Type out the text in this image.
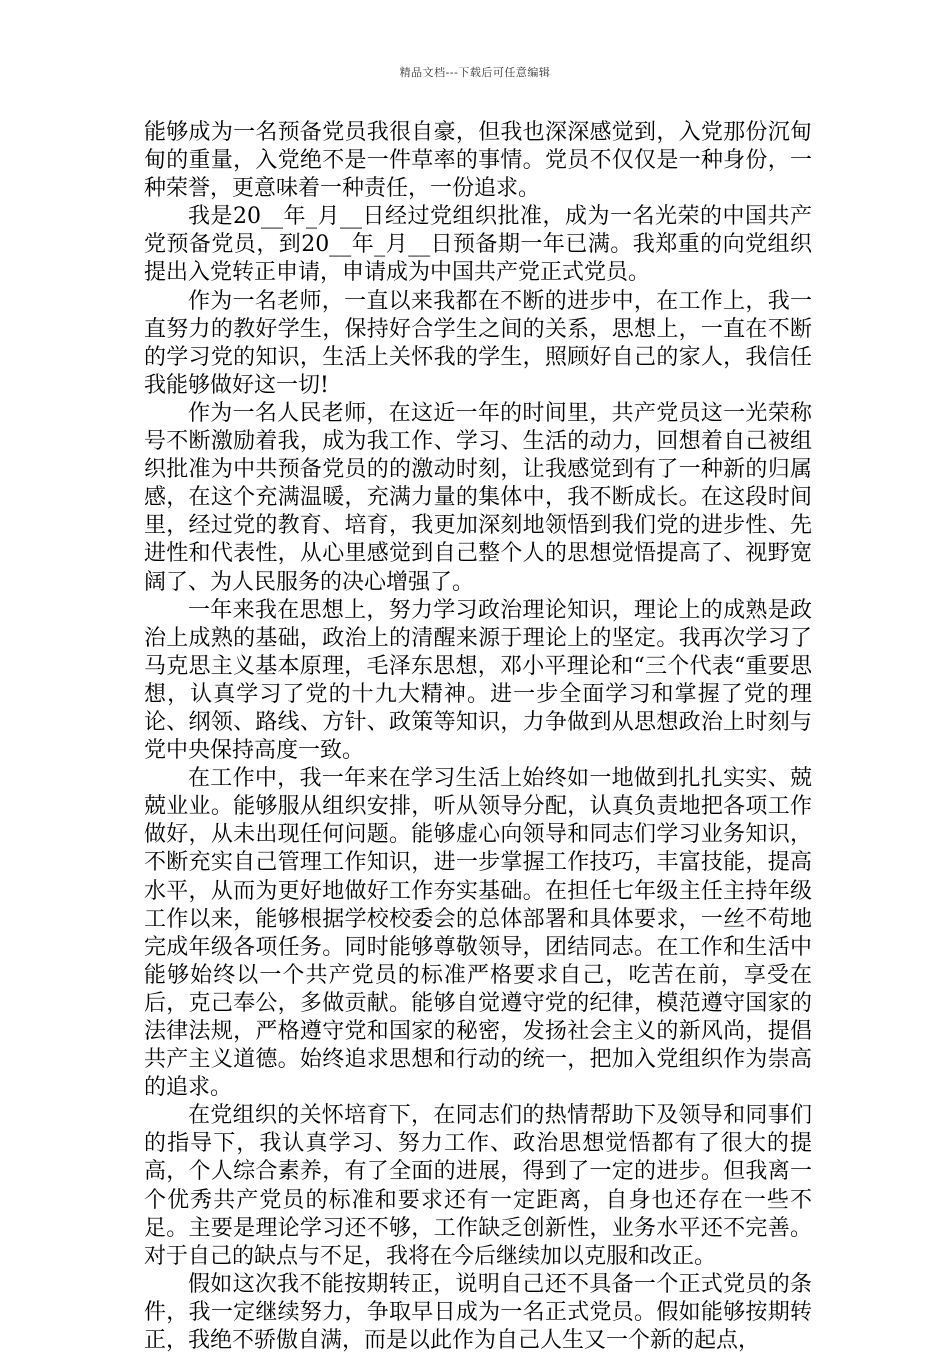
精品文档---下载后可任意编辑

能够成为一名预备党员我很自豪，但我也深深感觉到，入党那份沉甸甸的重量，入党绝不是一件草率的事情。党员不仅仅是一种身份，一种荣誉，更意味着一种责任，一份追求。

我是20__年_月__日经过党组织批准，成为一名光荣的中国共产党预备党员，到20__年_月__日预备期一年已满。我郑重的向党组织提出入党转正申请，申请成为中国共产党正式党员。

作为一名老师，一直以来我都在不断的进步中，在工作上，我一直努力的教好学生，保持好合学生之间的关系，思想上，一直在不断的学习党的知识，生活上关怀我的学生，照顾好自己的家人，我信任我能够做好这一切!

作为一名人民老师，在这近一年的时间里，共产党员这一光荣称号不断激励着我，成为我工作、学习、生活的动力，回想着自己被组织批准为中共预备党员的的激动时刻，让我感觉到有了一种新的归属感，在这个充满温暖，充满力量的集体中，我不断成长。在这段时间里，经过党的教育、培育，我更加深刻地领悟到我们党的进步性、先进性和代表性，从心里感觉到自己整个人的思想觉悟提高了、视野宽阔了、为人民服务的决心增强了。

一年来我在思想上，努力学习政治理论知识，理论上的成熟是政治上成熟的基础，政治上的清醒来源于理论上的坚定。我再次学习了马克思主义基本原理，毛泽东思想，邓小平理论和“三个代表“重要思想，认真学习了党的十九大精神。进一步全面学习和掌握了党的理论、纲领、路线、方针、政策等知识，力争做到从思想政治上时刻与党中央保持高度一致。

在工作中，我一年来在学习生活上始终如一地做到扎扎实实、兢兢业业。能够服从组织安排，听从领导分配，认真负责地把各项工作做好，从未出现任何问题。能够虚心向领导和同志们学习业务知识，不断充实自己管理工作知识，进一步掌握工作技巧，丰富技能，提高水平，从而为更好地做好工作夯实基础。在担任七年级主任主持年级工作以来，能够根据学校校委会的总体部署和具体要求，一丝不苟地完成年级各项任务。同时能够尊敬领导，团结同志。在工作和生活中能够始终以一个共产党员的标准严格要求自己，吃苦在前，享受在后，克己奉公，多做贡献。能够自觉遵守党的纪律，模范遵守国家的法律法规，严格遵守党和国家的秘密，发扬社会主义的新风尚，提倡共产主义道德。始终追求思想和行动的统一，把加入党组织作为崇高的追求。

在党组织的关怀培育下，在同志们的热情帮助下及领导和同事们的指导下，我认真学习、努力工作、政治思想觉悟都有了很大的提高，个人综合素养，有了全面的进展，得到了一定的进步。但我离一个优秀共产党员的标准和要求还有一定距离，自身也还存在一些不足。主要是理论学习还不够，工作缺乏创新性，业务水平还不完善。对于自己的缺点与不足，我将在今后继续加以克服和改正。

假如这次我不能按期转正，说明自己还不具备一个正式党员的条件，我一定继续努力，争取早日成为一名正式党员。假如能够按期转正，我绝不骄傲自满，而是以此作为自己人生又一个新的起点，
